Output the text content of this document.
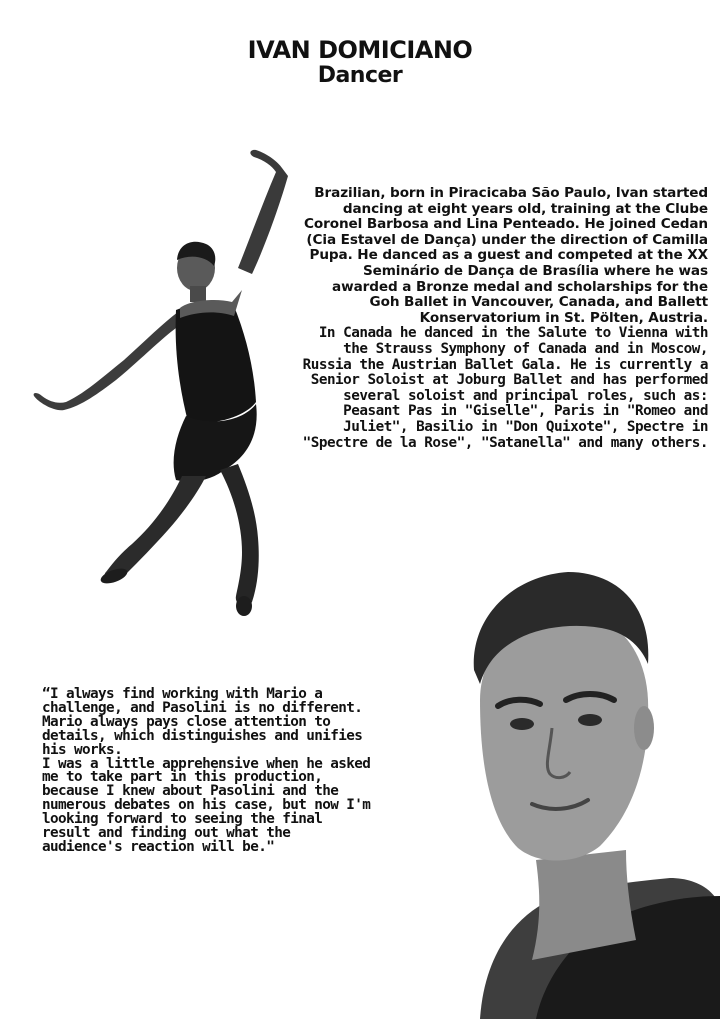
IVAN DOMICIANO
Dancer

Brazilian, born in Piracicaba São Paulo, Ivan started dancing at eight years old, training at the Clube Coronel Barbosa and Lina Penteado. He joined Cedan (Cia Estavel de Dança) under the direction of Camilla Pupa. He danced as a guest and competed at the XX Seminário de Dança de Brasília where he was awarded a Bronze medal and scholarships for the Goh Ballet in Vancouver, Canada, and Ballett Konservatorium in St. Pölten, Austria.

In Canada he danced in the Salute to Vienna with the Strauss Symphony of Canada and in Moscow, Russia the Austrian Ballet Gala. He is currently a Senior Soloist at Joburg Ballet and has performed several soloist and principal roles, such as: Peasant Pas in "Giselle", Paris in "Romeo and Juliet", Basilio in "Don Quixote", Spectre in "Spectre de la Rose", "Satanella" and many others.

“I always find working with Mario a challenge, and Pasolini is no different. Mario always pays close attention to details, which distinguishes and unifies his works.

I was a little apprehensive when he asked me to take part in this production, because I knew about Pasolini and the numerous debates on his case, but now I'm looking forward to seeing the final result and finding out what the audience's reaction will be."
